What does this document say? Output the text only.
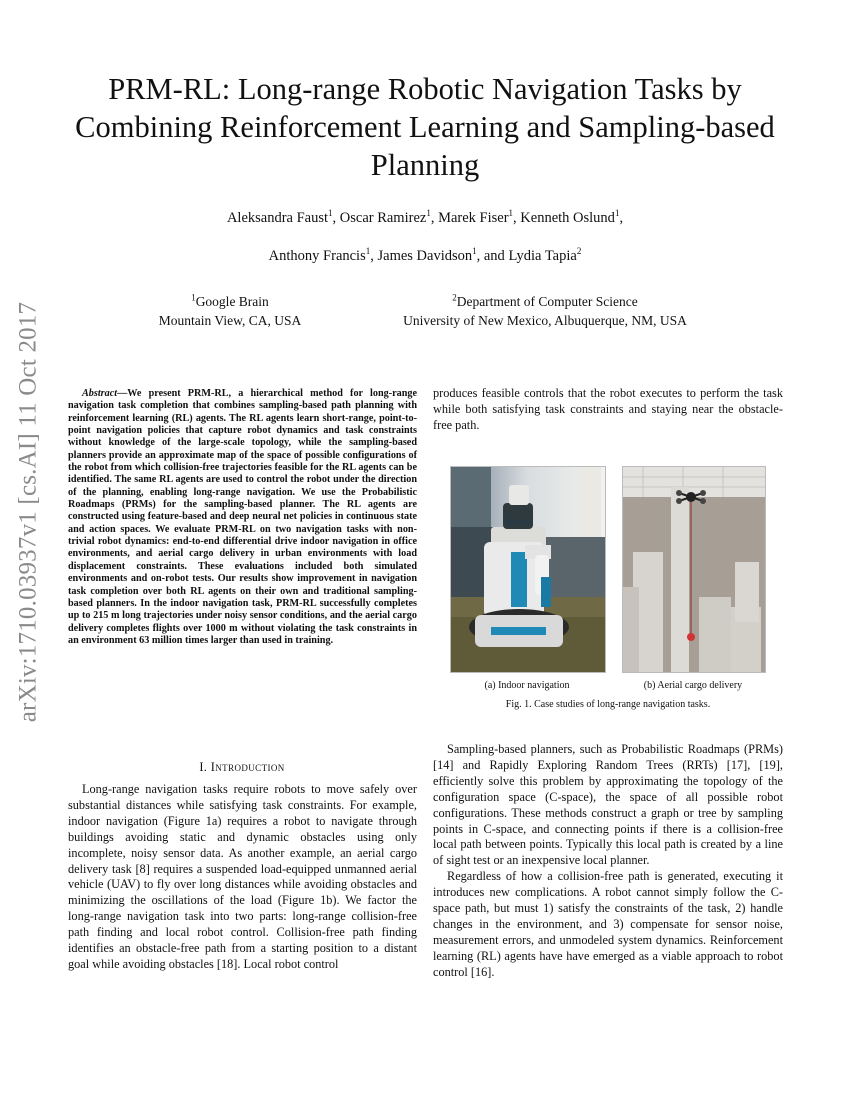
arXiv:1710.03937v1 [cs.AI] 11 Oct 2017
PRM-RL: Long-range Robotic Navigation Tasks by Combining Reinforcement Learning and Sampling-based Planning
Aleksandra Faust$^1$, Oscar Ramirez$^1$, Marek Fiser$^1$, Kenneth Oslund$^1$,
Anthony Francis$^1$, James Davidson$^1$, and Lydia Tapia$^2$
$^1$Google Brain
Mountain View, CA, USA
$^2$Department of Computer Science
University of New Mexico, Albuquerque, NM, USA

Abstract—We present PRM-RL, a hierarchical method for long-range navigation task completion that combines sampling-based path planning with reinforcement learning (RL) agents. The RL agents learn short-range, point-to-point navigation policies that capture robot dynamics and task constraints without knowledge of the large-scale topology, while the sampling-based planners provide an approximate map of the space of possible configurations of the robot from which collision-free trajectories feasible for the RL agents can be identified. The same RL agents are used to control the robot under the direction of the planning, enabling long-range navigation. We use the Probabilistic Roadmaps (PRMs) for the sampling-based planner. The RL agents are constructed using feature-based and deep neural net policies in continuous state and action spaces. We evaluate PRM-RL on two navigation tasks with non-trivial robot dynamics: end-to-end differential drive indoor navigation in office environments, and aerial cargo delivery in urban environments with load displacement constraints. These evaluations included both simulated environments and on-robot tests. Our results show improvement in navigation task completion over both RL agents on their own and traditional sampling-based planners. In the indoor navigation task, PRM-RL successfully completes up to 215 m long trajectories under noisy sensor conditions, and the aerial cargo delivery completes flights over 1000 m without violating the task constraints in an environment 63 million times larger than used in training.

I. Introduction

Long-range navigation tasks require robots to move safely over substantial distances while satisfying task constraints. For example, indoor navigation (Figure 1a) requires a robot to navigate through buildings avoiding static and dynamic obstacles using only incomplete, noisy sensor data. As another example, an aerial cargo delivery task [8] requires a suspended load-equipped unmanned aerial vehicle (UAV) to fly over long distances while avoiding obstacles and minimizing the oscillations of the load (Figure 1b). We factor the long-range navigation task into two parts: long-range collision-free path finding and local robot control. Collision-free path finding identifies an obstacle-free path from a starting position to a distant goal while avoiding obstacles [18]. Local robot control

produces feasible controls that the robot executes to perform the task while both satisfying task constraints and staying near the obstacle-free path.

fetch
(a) Indoor navigation	(b) Aerial cargo delivery
Fig. 1. Case studies of long-range navigation tasks.

Sampling-based planners, such as Probabilistic Roadmaps (PRMs) [14] and Rapidly Exploring Random Trees (RRTs) [17], [19], efficiently solve this problem by approximating the topology of the configuration space (C-space), the space of all possible robot configurations. These methods construct a graph or tree by sampling points in C-space, and connecting points if there is a collision-free local path between points. Typically this local path is created by a line of sight test or an inexpensive local planner.

Regardless of how a collision-free path is generated, executing it introduces new complications. A robot cannot simply follow the C-space path, but must 1) satisfy the constraints of the task, 2) handle changes in the environment, and 3) compensate for sensor noise, measurement errors, and unmodeled system dynamics. Reinforcement learning (RL) agents have have emerged as a viable approach to robot control [16].
